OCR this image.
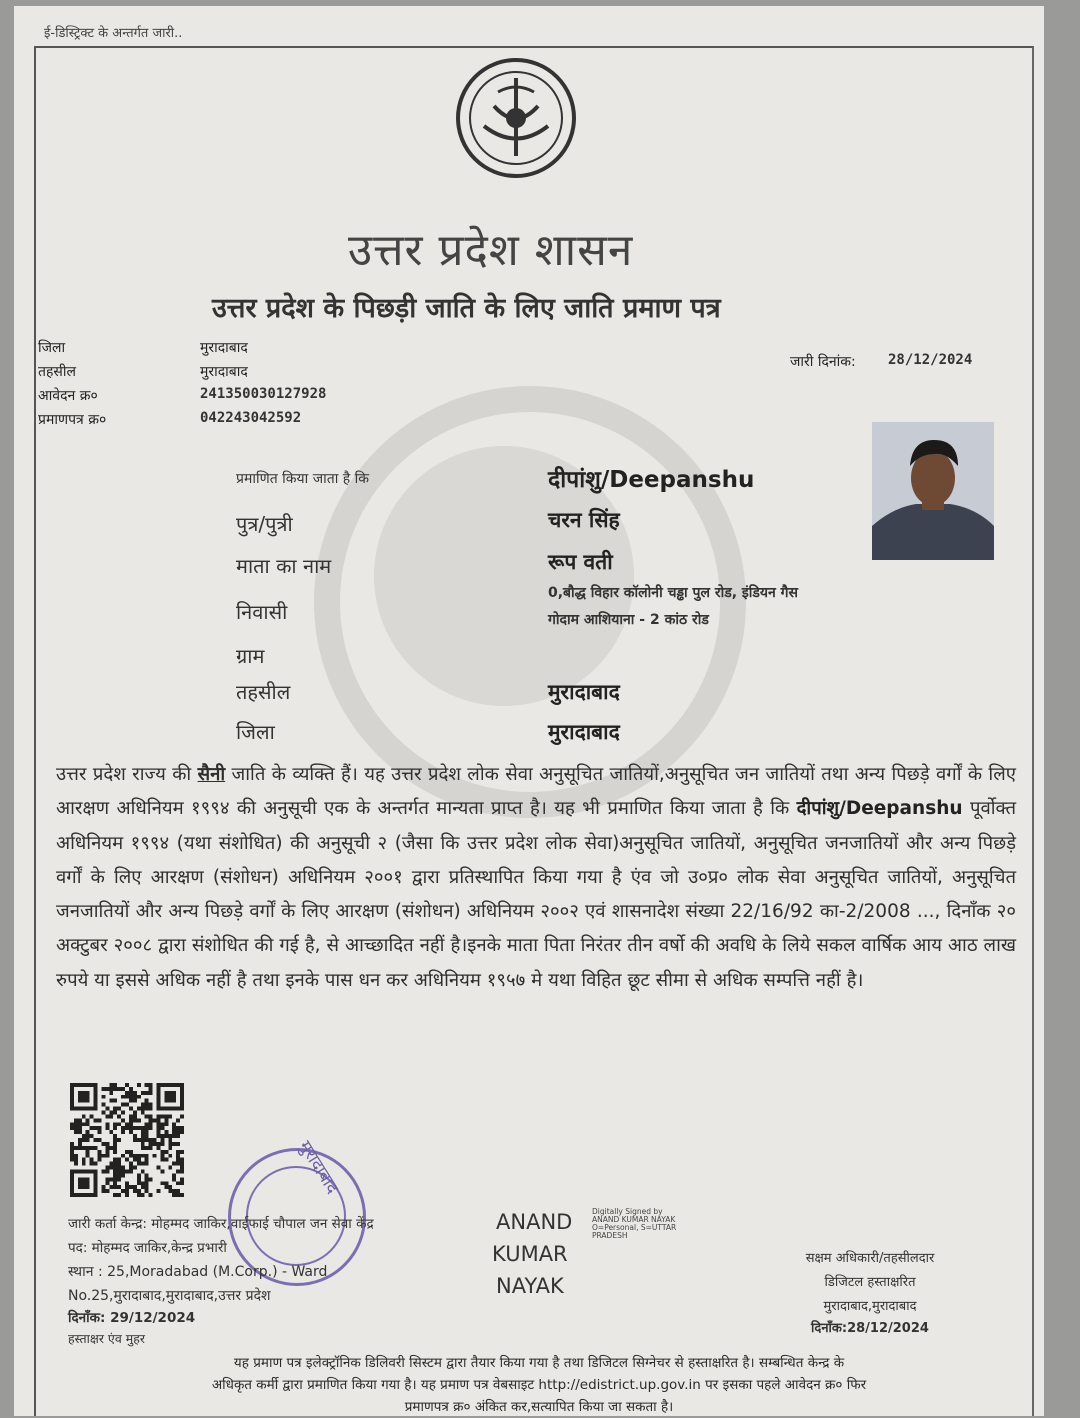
ई-डिस्ट्रिक्ट के अन्तर्गत जारी..
उत्तर प्रदेश शासन
उत्तर प्रदेश के पिछड़ी जाति के लिए जाति प्रमाण पत्र
जिला	मुरादाबाद
तहसील	मुरादाबाद
आवेदन क्र०	241350030127928
प्रमाणपत्र क्र०	042243042592
जारी दिनांक: 28/12/2024
प्रमाणित किया जाता है कि	दीपांशु/Deepanshu
पुत्र/पुत्री	चरन सिंह
माता का नाम	रूप वती
निवासी
0,बौद्ध विहार कॉलोनी चड्ढा पुल रोड, इंडियन गैस
गोदाम आशियाना - 2 कांठ रोड
ग्राम
तहसील	मुरादाबाद
जिला	मुरादाबाद
उत्तर प्रदेश राज्य की सैनी जाति के व्यक्ति हैं। यह उत्तर प्रदेश लोक सेवा अनुसूचित जातियों,अनुसूचित जन जातियों तथा अन्य पिछड़े वर्गों के लिए आरक्षण अधिनियम १९९४ की अनुसूची एक के अन्तर्गत मान्यता प्राप्त है। यह भी प्रमाणित किया जाता है कि दीपांशु/Deepanshu पूर्वोक्त अधिनियम १९९४ (यथा संशोधित) की अनुसूची २ (जैसा कि उत्तर प्रदेश लोक सेवा)अनुसूचित जातियों, अनुसूचित जनजातियों और अन्य पिछड़े वर्गों के लिए आरक्षण (संशोधन) अधिनियम २००१ द्वारा प्रतिस्थापित किया गया है एंव जो उ०प्र० लोक सेवा अनुसूचित जातियों, अनुसूचित जनजातियों और अन्य पिछड़े वर्गों के लिए आरक्षण (संशोधन) अधिनियम २००२ एवं शासनादेश संख्या 22/16/92 का-2/2008 ..., दिनाँक २० अक्टुबर २००८ द्वारा संशोधित की गई है, से आच्छादित नहीं है।इनके माता पिता निरंतर तीन वर्षो की अवधि के लिये सकल वार्षिक आय आठ लाख रुपये या इससे अधिक नहीं है तथा इनके पास धन कर अधिनियम १९५७ मे यथा विहित छूट सीमा से अधिक सम्पत्ति नहीं है।
मुरादाबाद
जारी कर्ता केन्द्र: मोहम्मद जाकिर,वाईफाई चौपाल जन सेवा केंद्र
पद: मोहम्मद जाकिर,केन्द्र प्रभारी
स्थान : 25,Moradabad (M.Corp.) - Ward
No.25,मुरादाबाद,मुरादाबाद,उत्तर प्रदेश
दिनाँक: 29/12/2024
हस्ताक्षर एंव मुहर
ANAND
KUMAR
NAYAK
Digitally Signed by
ANAND KUMAR NAYAK
O=Personal, S=UTTAR
PRADESH
सक्षम अधिकारी/तहसीलदार
डिजिटल हस्ताक्षरित
मुरादाबाद,मुरादाबाद
दिनाँक:28/12/2024
यह प्रमाण पत्र इलेक्ट्रॉनिक डिलिवरी सिस्टम द्वारा तैयार किया गया है तथा डिजिटल सिग्नेचर से हस्ताक्षरित है। सम्बन्धित केन्द्र के
अधिकृत कर्मी द्वारा प्रमाणित किया गया है। यह प्रमाण पत्र वेबसाइट http://edistrict.up.gov.in पर इसका पहले आवेदन क्र० फिर
प्रमाणपत्र क्र० अंकित कर,सत्यापित किया जा सकता है।
